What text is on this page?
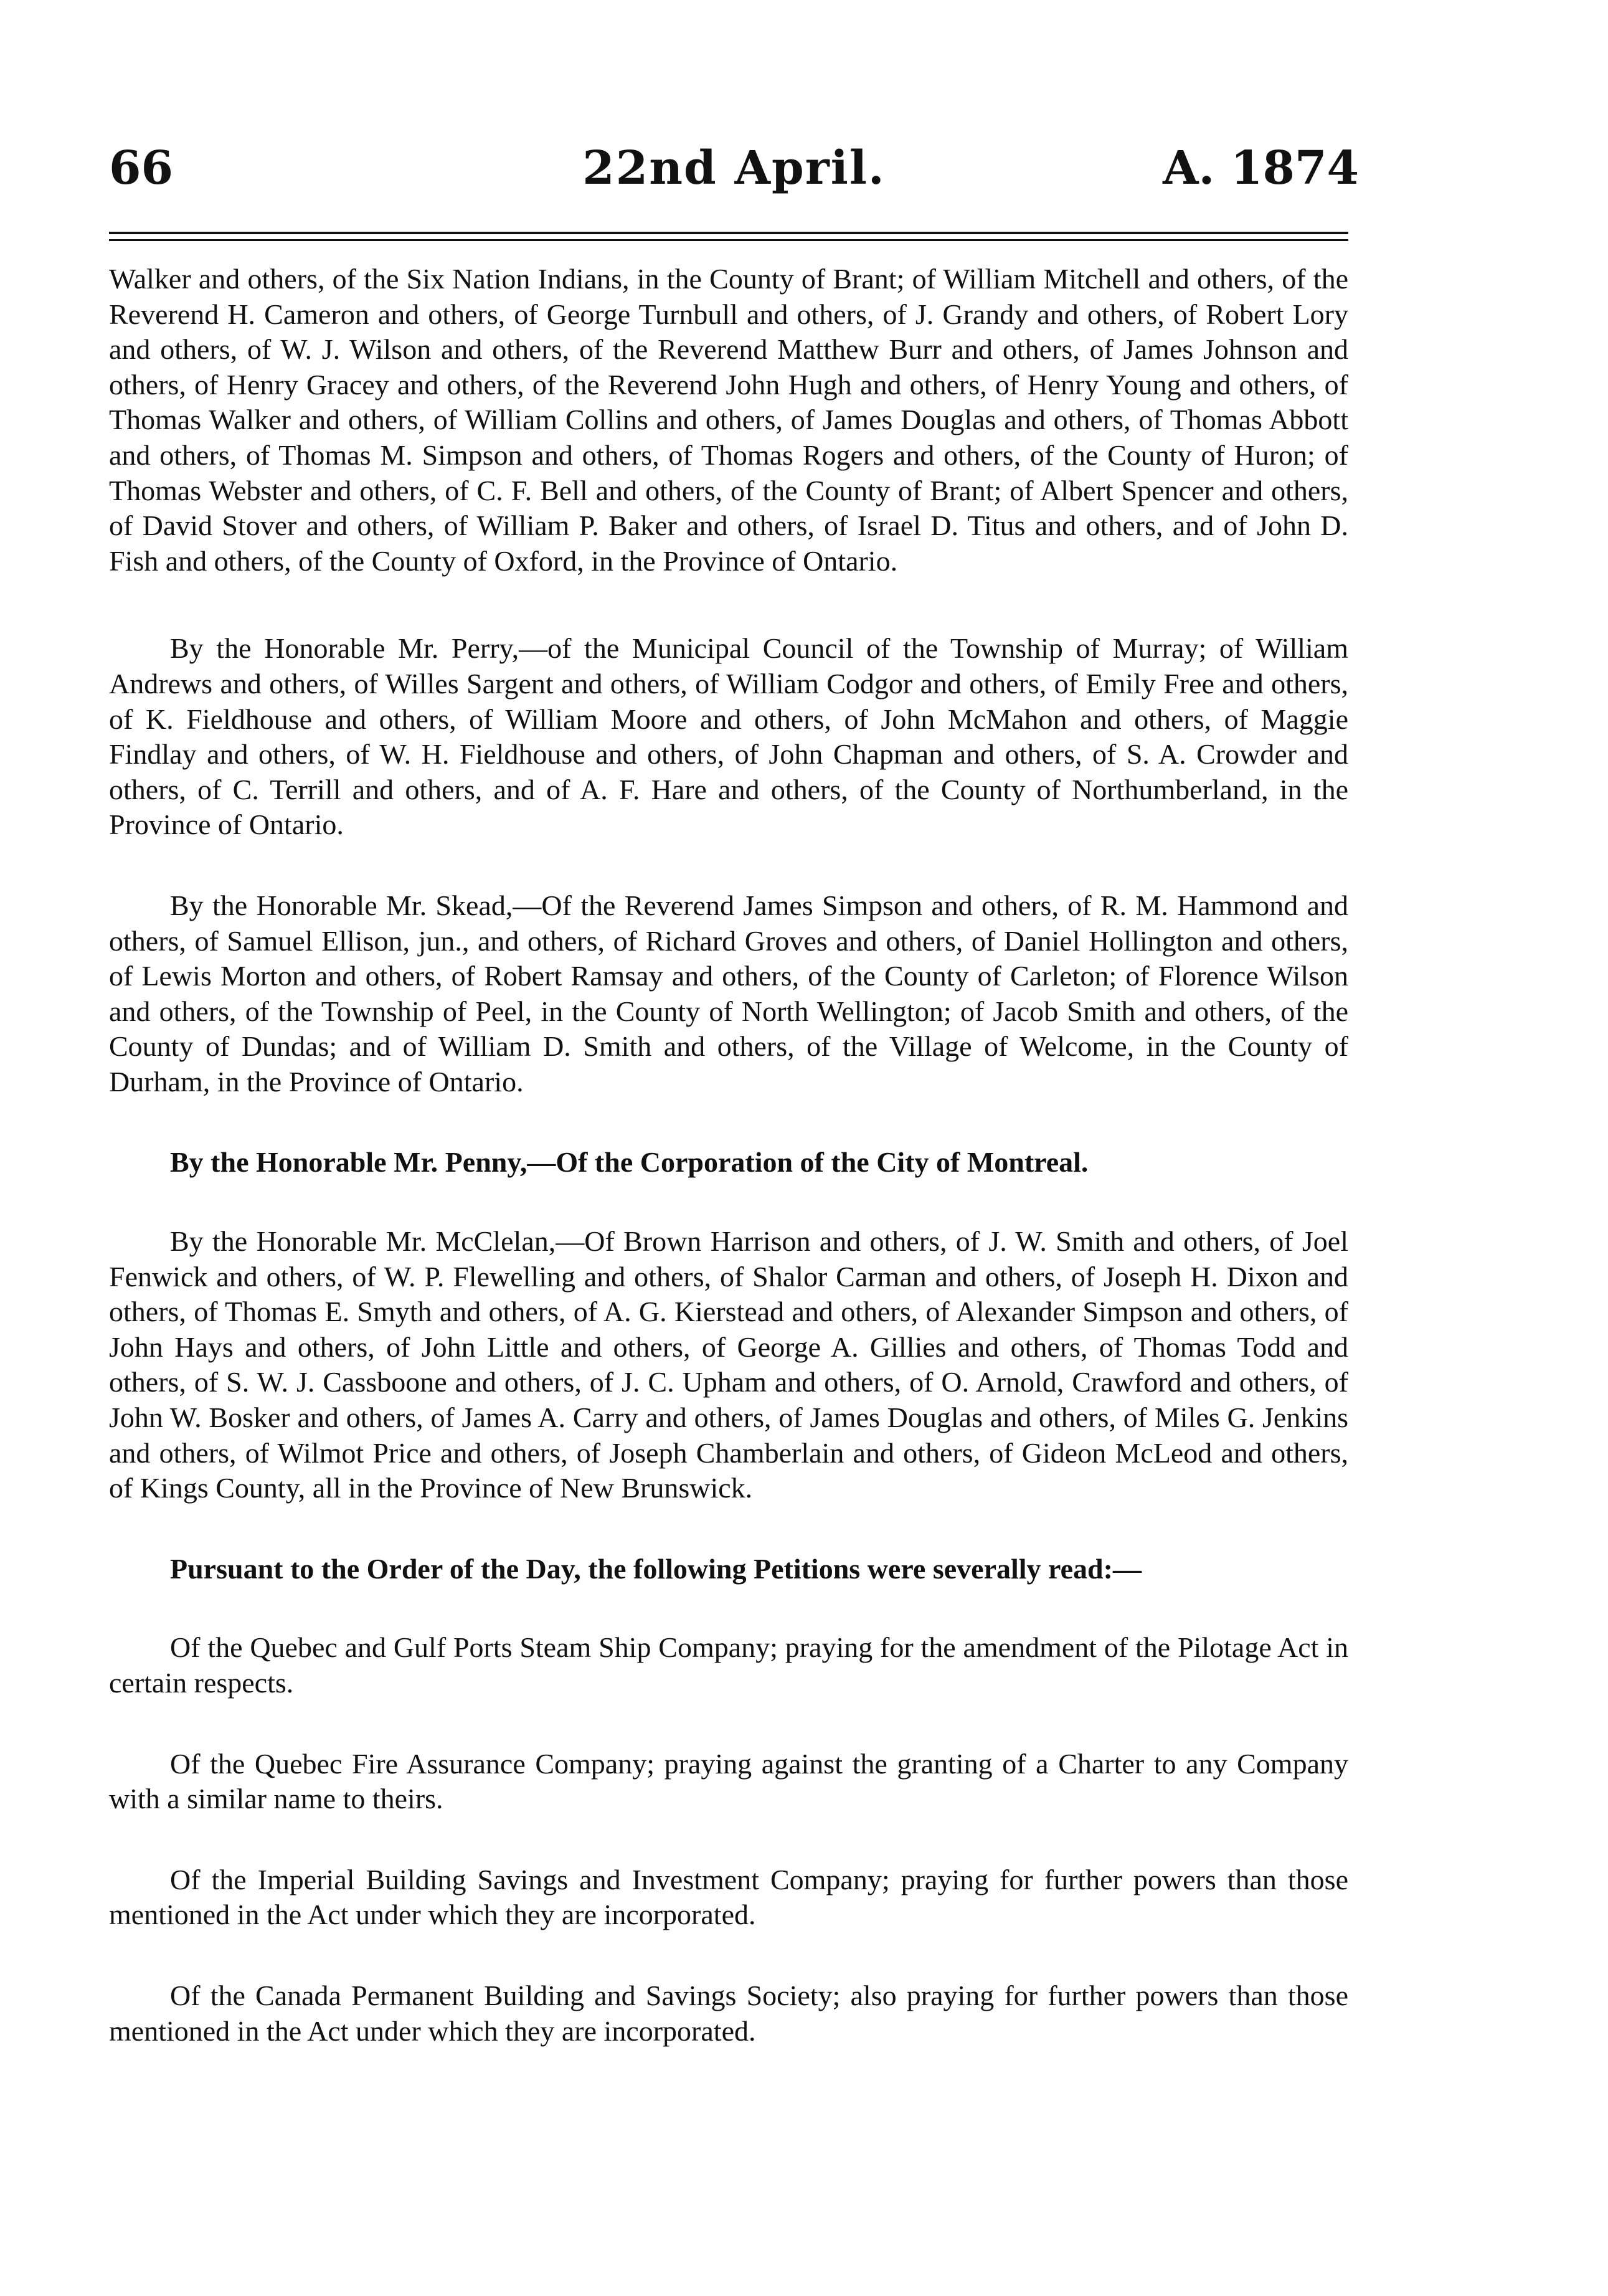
66	22nd April.	A. 1874

Walker and others, of the Six Nation Indians, in the County of Brant; of William Mitchell and others, of the Reverend H. Cameron and others, of George Turnbull and others, of J. Grandy and others, of Robert Lory and others, of W. J. Wilson and others, of the Reverend Matthew Burr and others, of James Johnson and others, of Henry Gracey and others, of the Reverend John Hugh and others, of Henry Young and others, of Thomas Walker and others, of William Collins and others, of James Douglas and others, of Thomas Abbott and others, of Thomas M. Simpson and others, of Thomas Rogers and others, of the County of Huron; of Thomas Webster and others, of C. F. Bell and others, of the County of Brant; of Albert Spencer and others, of David Stover and others, of William P. Baker and others, of Israel D. Titus and others, and of John D. Fish and others, of the County of Oxford, in the Province of Ontario.

By the Honorable Mr. Perry,—of the Municipal Council of the Township of Murray; of William Andrews and others, of Willes Sargent and others, of William Codgor and others, of Emily Free and others, of K. Fieldhouse and others, of William Moore and others, of John McMahon and others, of Maggie Findlay and others, of W. H. Fieldhouse and others, of John Chapman and others, of S. A. Crowder and others, of C. Terrill and others, and of A. F. Hare and others, of the County of Northumberland, in the Province of Ontario.

By the Honorable Mr. Skead,—Of the Reverend James Simpson and others, of R. M. Hammond and others, of Samuel Ellison, jun., and others, of Richard Groves and others, of Daniel Hollington and others, of Lewis Morton and others, of Robert Ramsay and others, of the County of Carleton; of Florence Wilson and others, of the Township of Peel, in the County of North Wellington; of Jacob Smith and others, of the County of Dundas; and of William D. Smith and others, of the Village of Welcome, in the County of Durham, in the Province of Ontario.

By the Honorable Mr. Penny,—Of the Corporation of the City of Montreal.

By the Honorable Mr. McClelan,—Of Brown Harrison and others, of J. W. Smith and others, of Joel Fenwick and others, of W. P. Flewelling and others, of Shalor Carman and others, of Joseph H. Dixon and others, of Thomas E. Smyth and others, of A. G. Kierstead and others, of Alexander Simpson and others, of John Hays and others, of John Little and others, of George A. Gillies and others, of Thomas Todd and others, of S. W. J. Cassboone and others, of J. C. Upham and others, of O. Arnold, Crawford and others, of John W. Bosker and others, of James A. Carry and others, of James Douglas and others, of Miles G. Jenkins and others, of Wilmot Price and others, of Joseph Chamberlain and others, of Gideon McLeod and others, of Kings County, all in the Province of New Brunswick.

Pursuant to the Order of the Day, the following Petitions were severally read:—

Of the Quebec and Gulf Ports Steam Ship Company; praying for the amendment of the Pilotage Act in certain respects.

Of the Quebec Fire Assurance Company; praying against the granting of a Charter to any Company with a similar name to theirs.

Of the Imperial Building Savings and Investment Company; praying for further powers than those mentioned in the Act under which they are incorporated.

Of the Canada Permanent Building and Savings Society; also praying for further powers than those mentioned in the Act under which they are incorporated.
